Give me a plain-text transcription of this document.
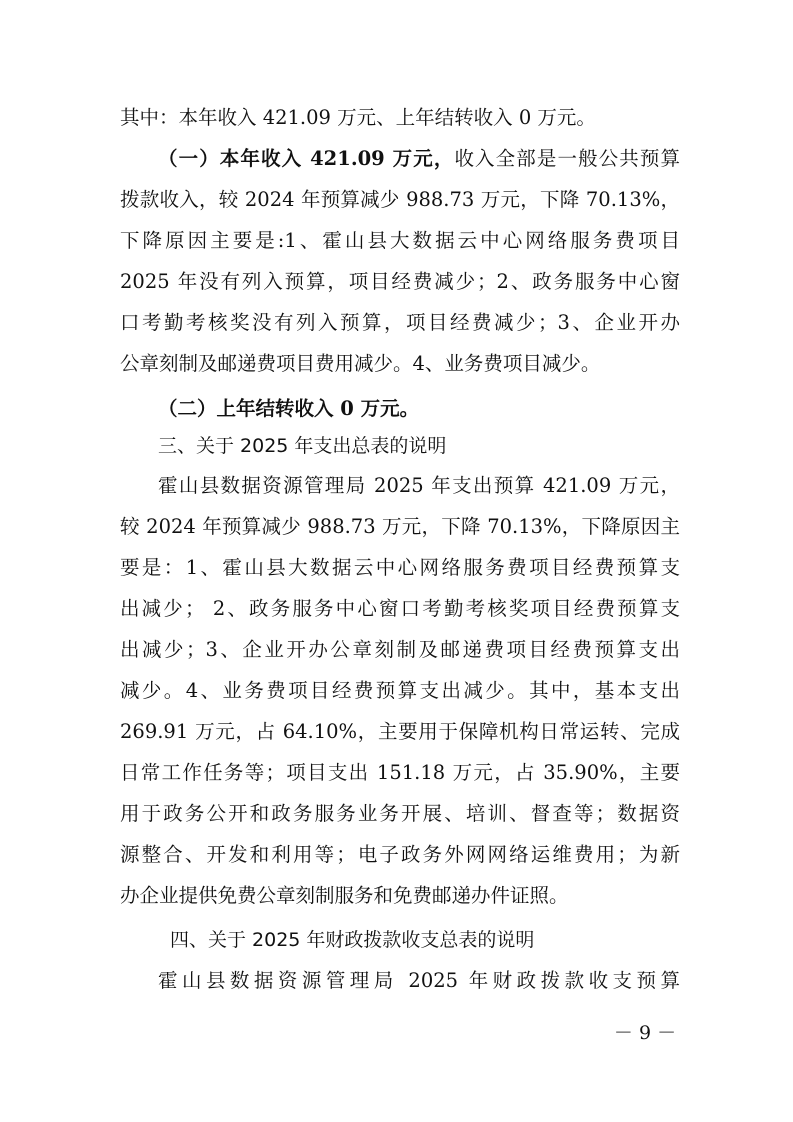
其中：本年收入 421.09 万元、上年结转收入 0 万元。
（一）本年收入 421.09 万元，收入全部是一般公共预算
拨款收入，较 2024 年预算减少 988.73 万元，下降 70.13%，
下降原因主要是:1、霍山县大数据云中心网络服务费项目
2025 年没有列入预算，项目经费减少；2、政务服务中心窗
口考勤考核奖没有列入预算，项目经费减少；3、企业开办
公章刻制及邮递费项目费用减少。4、业务费项目减少。
（二）上年结转收入 0 万元。
三、关于 2025 年支出总表的说明
霍山县数据资源管理局 2025 年支出预算 421.09 万元，
较 2024 年预算减少 988.73 万元，下降 70.13%，下降原因主
要是：1、霍山县大数据云中心网络服务费项目经费预算支
出减少； 2、政务服务中心窗口考勤考核奖项目经费预算支
出减少；3、企业开办公章刻制及邮递费项目经费预算支出
减少。4、业务费项目经费预算支出减少。其中，基本支出
269.91 万元，占 64.10%，主要用于保障机构日常运转、完成
日常工作任务等；项目支出 151.18 万元，占 35.90%，主要
用于政务公开和政务服务业务开展、培训、督查等；数据资
源整合、开发和利用等；电子政务外网网络运维费用；为新
办企业提供免费公章刻制服务和免费邮递办件证照。
四、关于 2025 年财政拨款收支总表的说明
霍山县数据资源管理局 2025 年财政拨款收支预算
－ 9 －
